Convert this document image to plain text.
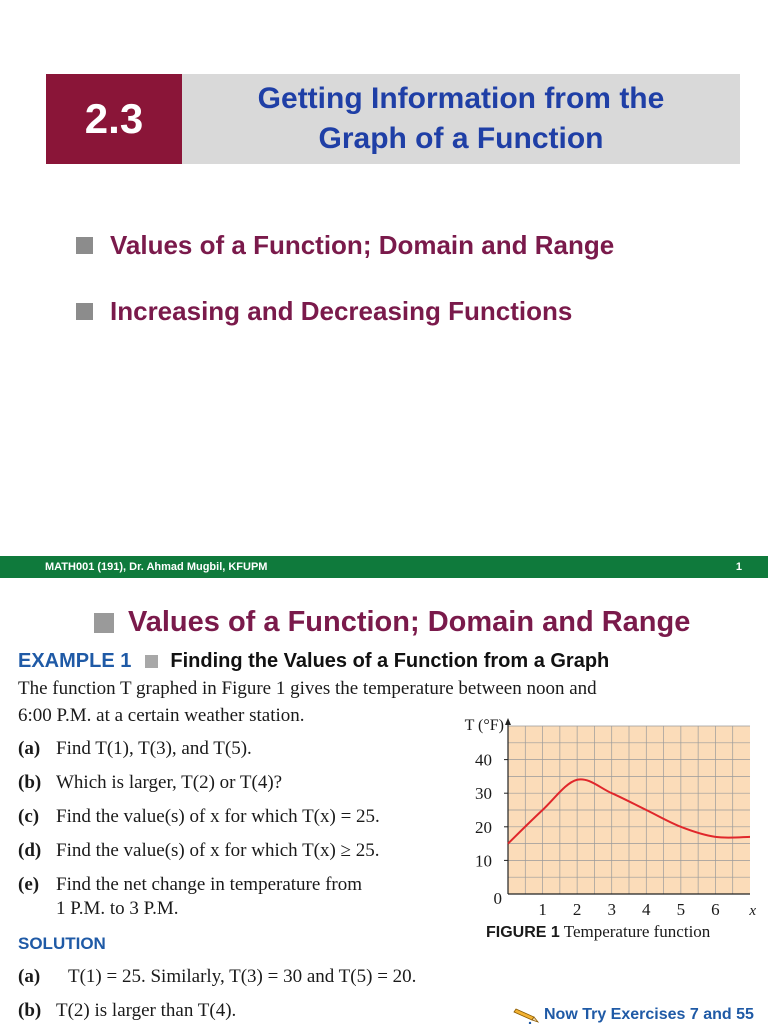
2.3	Getting Information from the
Graph of a Function
Values of a Function; Domain and Range
Increasing and Decreasing Functions
MATH001 (191), Dr. Ahmad Mugbil, KFUPM	1
Values of a Function; Domain and Range
EXAMPLE 1 Finding the Values of a Function from a Graph
The function T graphed in Figure 1 gives the temperature between noon and
6:00 P.M. at a certain weather station.
(a) Find T(1), T(3), and T(5).
(b) Which is larger, T(2) or T(4)?
(c) Find the value(s) of x for which T(x) = 25.
(d) Find the value(s) of x for which T(x) ≥ 25.
(e) Find the net change in temperature from
1 P.M. to 3 P.M.
10
20
30
40
1 2 3 4 5 6
0
x
T (°F)
FIGURE 1 Temperature function
SOLUTION
(a) T(1) = 25. Similarly, T(3) = 30 and T(5) = 20.
(b) T(2) is larger than T(4).	Now Try Exercises 7 and 55
